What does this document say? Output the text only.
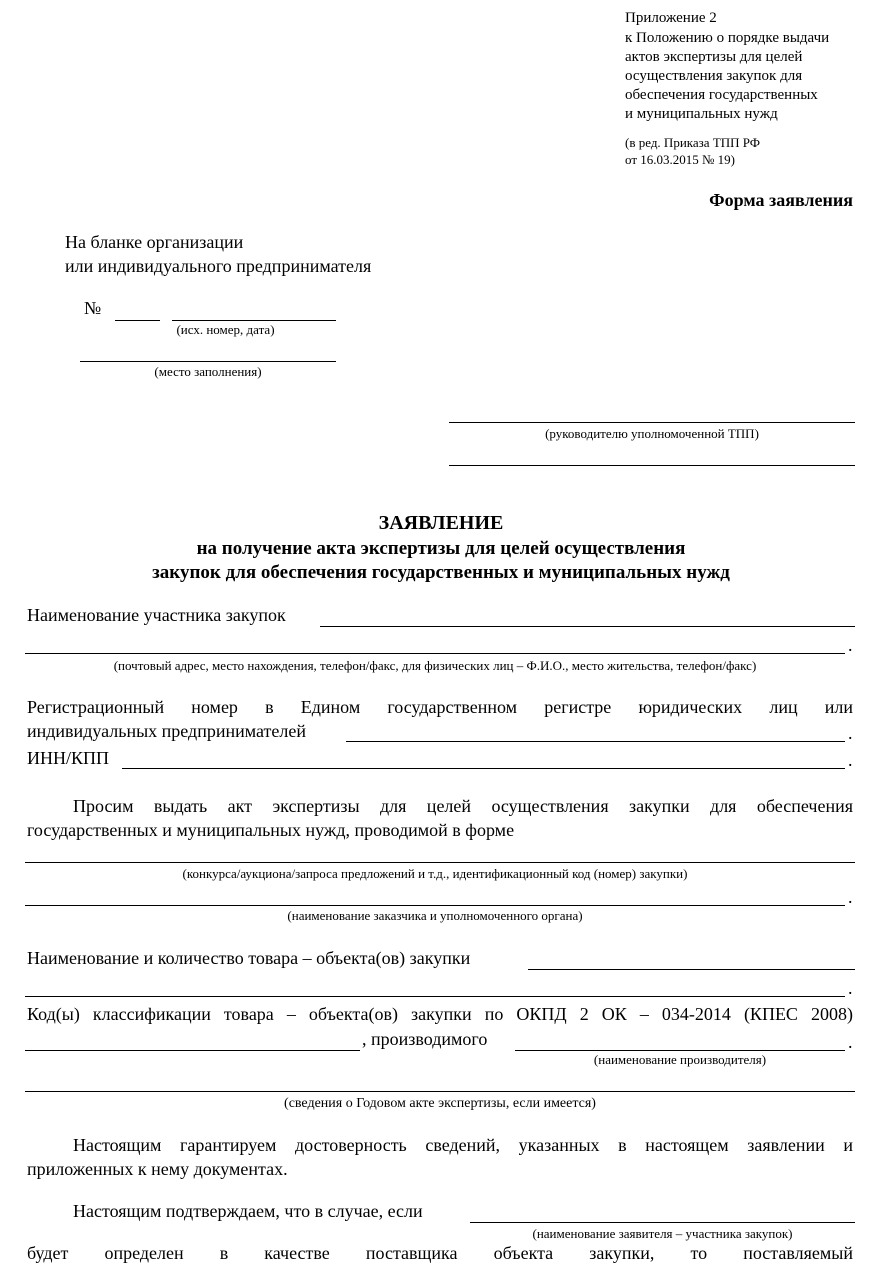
Приложение 2
к Положению о порядке выдачи
актов экспертизы для целей
осуществления закупок для
обеспечения государственных
и муниципальных нужд
(в ред. Приказа ТПП РФ
от 16.03.2015 № 19)
Форма заявления
На бланке организации
или индивидуального предпринимателя
№
(исх. номер, дата)
(место заполнения)
(руководителю уполномоченной ТПП)
ЗАЯВЛЕНИЕ
на получение акта экспертизы для целей осуществления
закупок для обеспечения государственных и муниципальных нужд
Наименование участника закупок
.
(почтовый адрес, место нахождения, телефон/факс, для физических лиц – Ф.И.О., место жительства, телефон/факс)
Регистрационный номер в Едином государственном регистре юридических лиц или
индивидуальных предпринимателей	.
ИНН/КПП	.
Просим выдать акт экспертизы для целей осуществления закупки для обеспечения
государственных и муниципальных нужд, проводимой в форме
(конкурса/аукциона/запроса предложений и т.д., идентификационный код (номер) закупки)
.
(наименование заказчика и уполномоченного органа)
Наименование и количество товара – объекта(ов) закупки
.
Код(ы) классификации товара – объекта(ов) закупки по ОКПД 2 ОК – 034-2014 (КПЕС 2008)
, производимого	.
(наименование производителя)
(сведения о Годовом акте экспертизы, если имеется)
Настоящим гарантируем достоверность сведений, указанных в настоящем заявлении и
приложенных к нему документах.
Настоящим подтверждаем, что в случае, если
(наименование заявителя – участника закупок)
будет определен в качестве поставщика объекта закупки, то поставляемый
